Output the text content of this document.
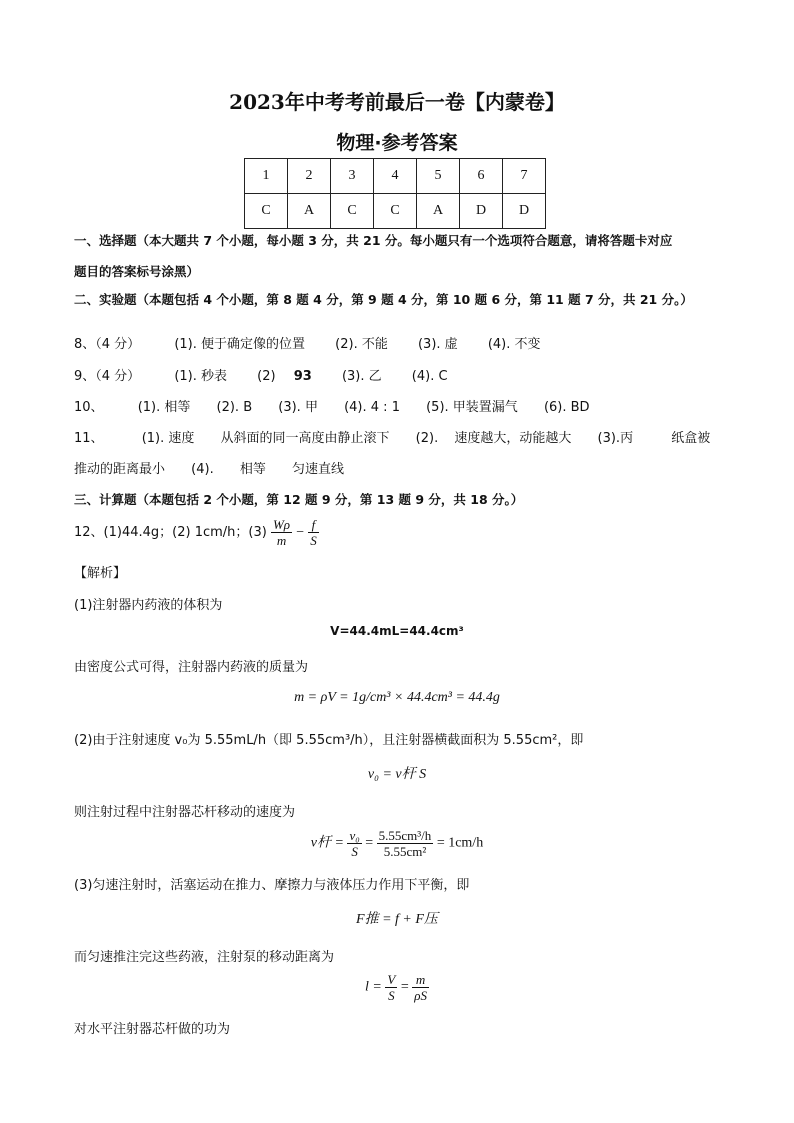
2023年中考考前最后一卷【内蒙卷】
物理·参考答案
1	2	3	4	5	6	7
C	A	C	C	A	D	D
一、选择题（本大题共 7 个小题，每小题 3 分，共 21 分。每小题只有一个选项符合题意，请将答题卡对应
题目的答案标号涂黑）
二、实验题（本题包括 4 个小题，第 8 题 4 分，第 9 题 4 分，第 10 题 6 分，第 11 题 7 分，共 21 分。）
8、（4 分）	(1). 便于确定像的位置 (2). 不能 (3). 虚 (4). 不变
9、（4 分）	(1). 秒表 (2) 93 (3). 乙 (4). C
10、	(1). 相等 (2). B (3). 甲 (4). 4 : 1 (5). 甲装置漏气 (6). BD
11、	(1). 速度 从斜面的同一高度由静止滚下 (2). 速度越大，动能越大 (3).丙	纸盒被
推动的距离最小 (4). 相等 匀速直线
三、计算题（本题包括 2 个小题，第 12 题 9 分，第 13 题 9 分，共 18 分。）
12、(1)44.4g；(2) 1cm/h；$(3) \frac{W\rho}{m} - \frac{f}{S}$
【解析】
(1)注射器内药液的体积为
V=44.4mL=44.4cm³
由密度公式可得，注射器内药液的质量为
m = ρV = 1g/cm³ × 44.4cm³ = 44.4g
(2)由于注射速度 v₀为 5.55mL/h（即 5.55cm³/h），且注射器横截面积为 5.55cm²，即
v₀ = v杆 S
则注射过程中注射器芯杆移动的速度为
v杆 = $\frac{\text{v₀}}{S} = \frac{\text{5.55cm³/h}}{\text{5.55cm²}} = 1cm/h$
(3)匀速注射时，活塞运动在推力、摩擦力与液体压力作用下平衡，即
F推 = f + F压
而匀速推注完这些药液，注射泵的移动距离为
$l = \frac{V}{S} = \frac{m}{\rho S}$
对水平注射器芯杆做的功为
